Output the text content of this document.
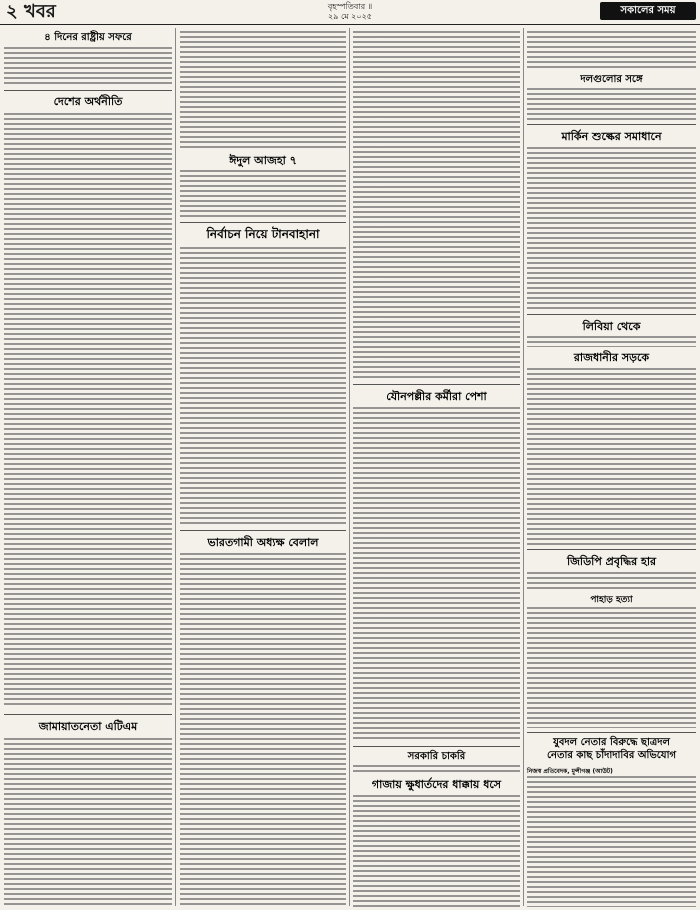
২ খবর	বৃহস্পতিবার ॥
২৯ মে ২০২৫
সকালের সময়
৪ দিনের রাষ্ট্রীয় সফরে
দেশের অর্থনীতি
জামায়াতনেতা এটিএম
ঈদুল আজহা ৭
নির্বাচন নিয়ে টানবাহানা
ভারতগামী অধ্যক্ষ বেলাল
যৌনপল্লীর কর্মীরা পেশা
সরকারি চাকরি
গাজায় ক্ষুধার্তদের ধাক্কায় ধসে
দলগুলোর সঙ্গে
মার্কিন শুল্কের সমাধানে
লিবিয়া থেকে
রাজধানীর সড়কে
জিডিপি প্রবৃদ্ধির হার
পাহাড় হত্যা
যুবদল নেতার বিরুদ্ধে ছাত্রদল
নেতার কাছ চাঁদাদাবির অভিযোগ
নিজস্ব প্রতিবেদক, মুন্সীগঞ্জ (আউট)
